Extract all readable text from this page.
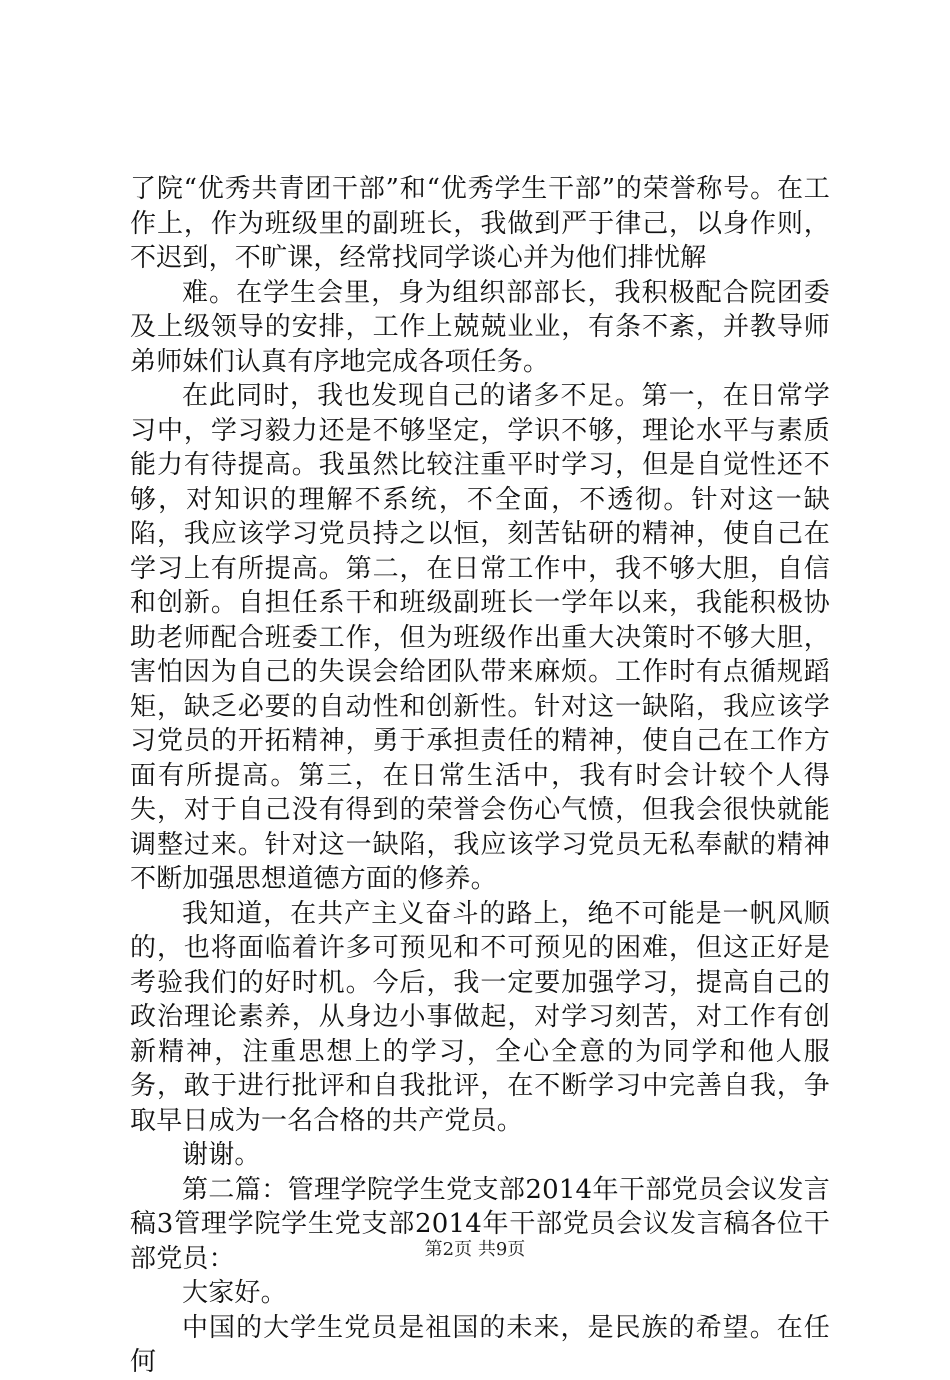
了院“优秀共青团干部”和“优秀学生干部”的荣誉称号。在工作上，作为班级里的副班长，我做到严于律己，以身作则，不迟到，不旷课，经常找同学谈心并为他们排忧解

难。在学生会里，身为组织部部长，我积极配合院团委及上级领导的安排，工作上兢兢业业，有条不紊，并教导师弟师妹们认真有序地完成各项任务。

在此同时，我也发现自己的诸多不足。第一，在日常学习中，学习毅力还是不够坚定，学识不够，理论水平与素质能力有待提高。我虽然比较注重平时学习，但是自觉性还不够，对知识的理解不系统，不全面，不透彻。针对这一缺陷，我应该学习党员持之以恒，刻苦钻研的精神，使自己在学习上有所提高。第二，在日常工作中，我不够大胆，自信和创新。自担任系干和班级副班长一学年以来，我能积极协助老师配合班委工作，但为班级作出重大决策时不够大胆，害怕因为自己的失误会给团队带来麻烦。工作时有点循规蹈矩，缺乏必要的自动性和创新性。针对这一缺陷，我应该学习党员的开拓精神，勇于承担责任的精神，使自己在工作方面有所提高。第三，在日常生活中，我有时会计较个人得失，对于自己没有得到的荣誉会伤心气愤，但我会很快就能调整过来。针对这一缺陷，我应该学习党员无私奉献的精神不断加强思想道德方面的修养。

我知道，在共产主义奋斗的路上，绝不可能是一帆风顺的，也将面临着许多可预见和不可预见的困难，但这正好是考验我们的好时机。今后，我一定要加强学习，提高自己的政治理论素养，从身边小事做起，对学习刻苦，对工作有创新精神，注重思想上的学习，全心全意的为同学和他人服务，敢于进行批评和自我批评，在不断学习中完善自我，争取早日成为一名合格的共产党员。

谢谢。

第二篇：管理学院学生党支部2014年干部党员会议发言稿3管理学院学生党支部2014年干部党员会议发言稿各位干部党员：

大家好。

中国的大学生党员是祖国的未来，是民族的希望。在任何

第2页 共9页
